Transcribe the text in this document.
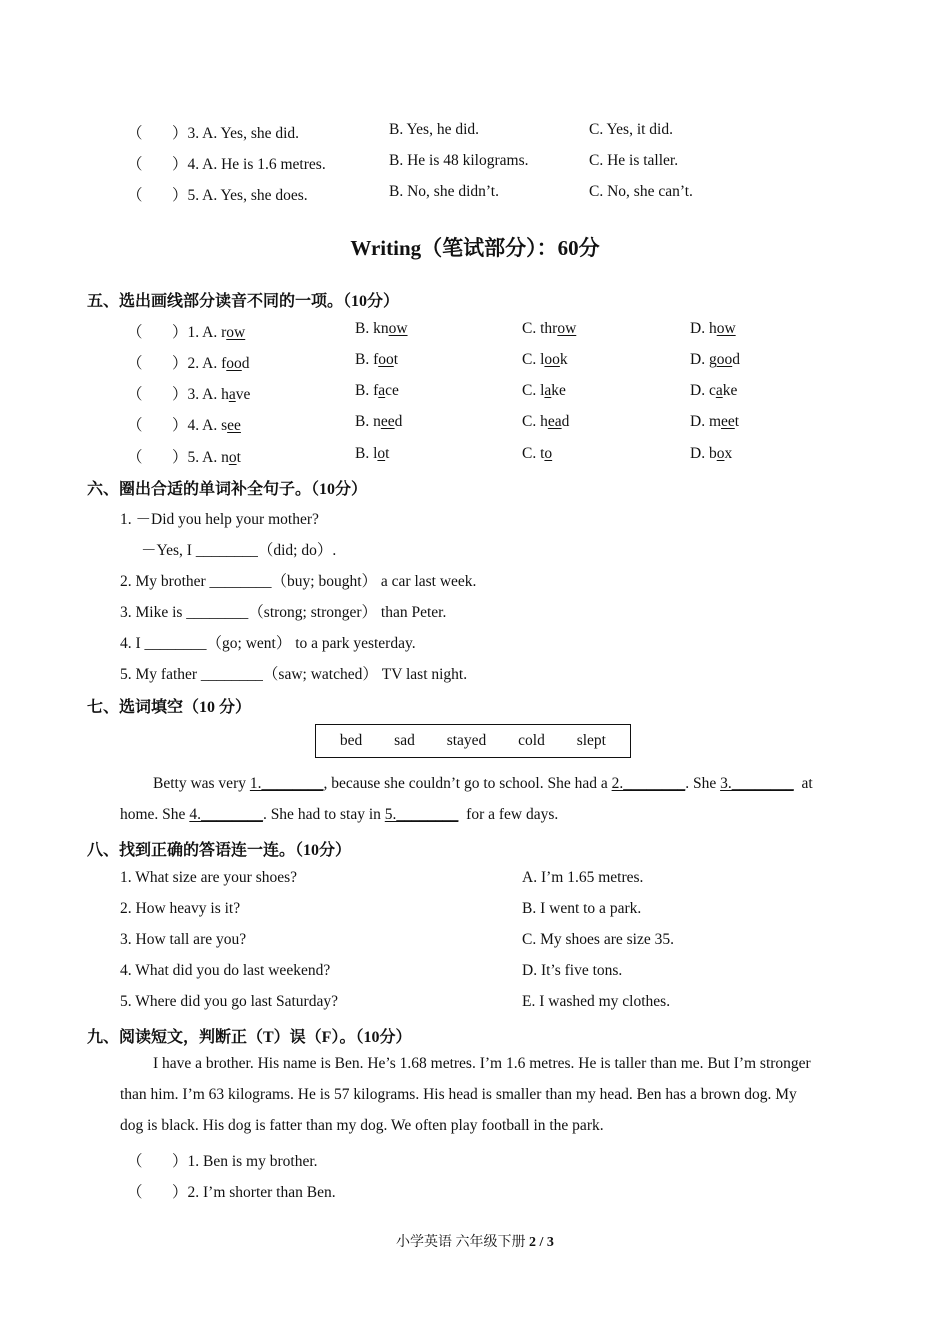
（ ）3. A. Yes, she did.	B. Yes, he did.	C. Yes, it did.
（ ）4. A. He is 1.6 metres.	B. He is 48 kilograms.	C. He is taller.
（ ）5. A. Yes, she does.	B. No, she didn’t.	C. No, she can’t.
Writing（笔试部分）：60分
五、选出画线部分读音不同的一项。（10分）
（ ）1. A. row	B. know	C. throw	D. how
（ ）2. A. food	B. foot	C. look	D. good
（ ）3. A. have	B. face	C. lake	D. cake
（ ）4. A. see	B. need	C. head	D. meet
（ ）5. A. not	B. lot	C. to	D. box
六、圈出合适的单词补全句子。（10分）
1. －Did you help your mother?
－Yes, I ________（did; do）.
2. My brother ________（buy; bought） a car last week.
3. Mike is ________（strong; stronger） than Peter.
4. I ________（go; went） to a park yesterday.
5. My father ________（saw; watched） TV last night.
七、选词填空（10 分）
bed sad stayed cold slept
Betty was very 1.________, because she couldn’t go to school. She had a 2.________. She 3.________  at
home. She 4.________. She had to stay in 5.________  for a few days.
八、找到正确的答语连一连。（10分）
1. What size are your shoes?	A. I’m 1.65 metres.
2. How heavy is it?	B. I went to a park.
3. How tall are you?	C. My shoes are size 35.
4. What did you do last weekend?	D. It’s five tons.
5. Where did you go last Saturday?	E. I washed my clothes.
九、阅读短文，判断正（T）误（F）。（10分）
I have a brother. His name is Ben. He’s 1.68 metres. I’m 1.6 metres. He is taller than me. But I’m stronger
than him. I’m 63 kilograms. He is 57 kilograms. His head is smaller than my head. Ben has a brown dog. My
dog is black. His dog is fatter than my dog. We often play football in the park.
（ ）1. Ben is my brother.
（ ）2. I’m shorter than Ben.
小学英语 六年级下册 2 / 3
